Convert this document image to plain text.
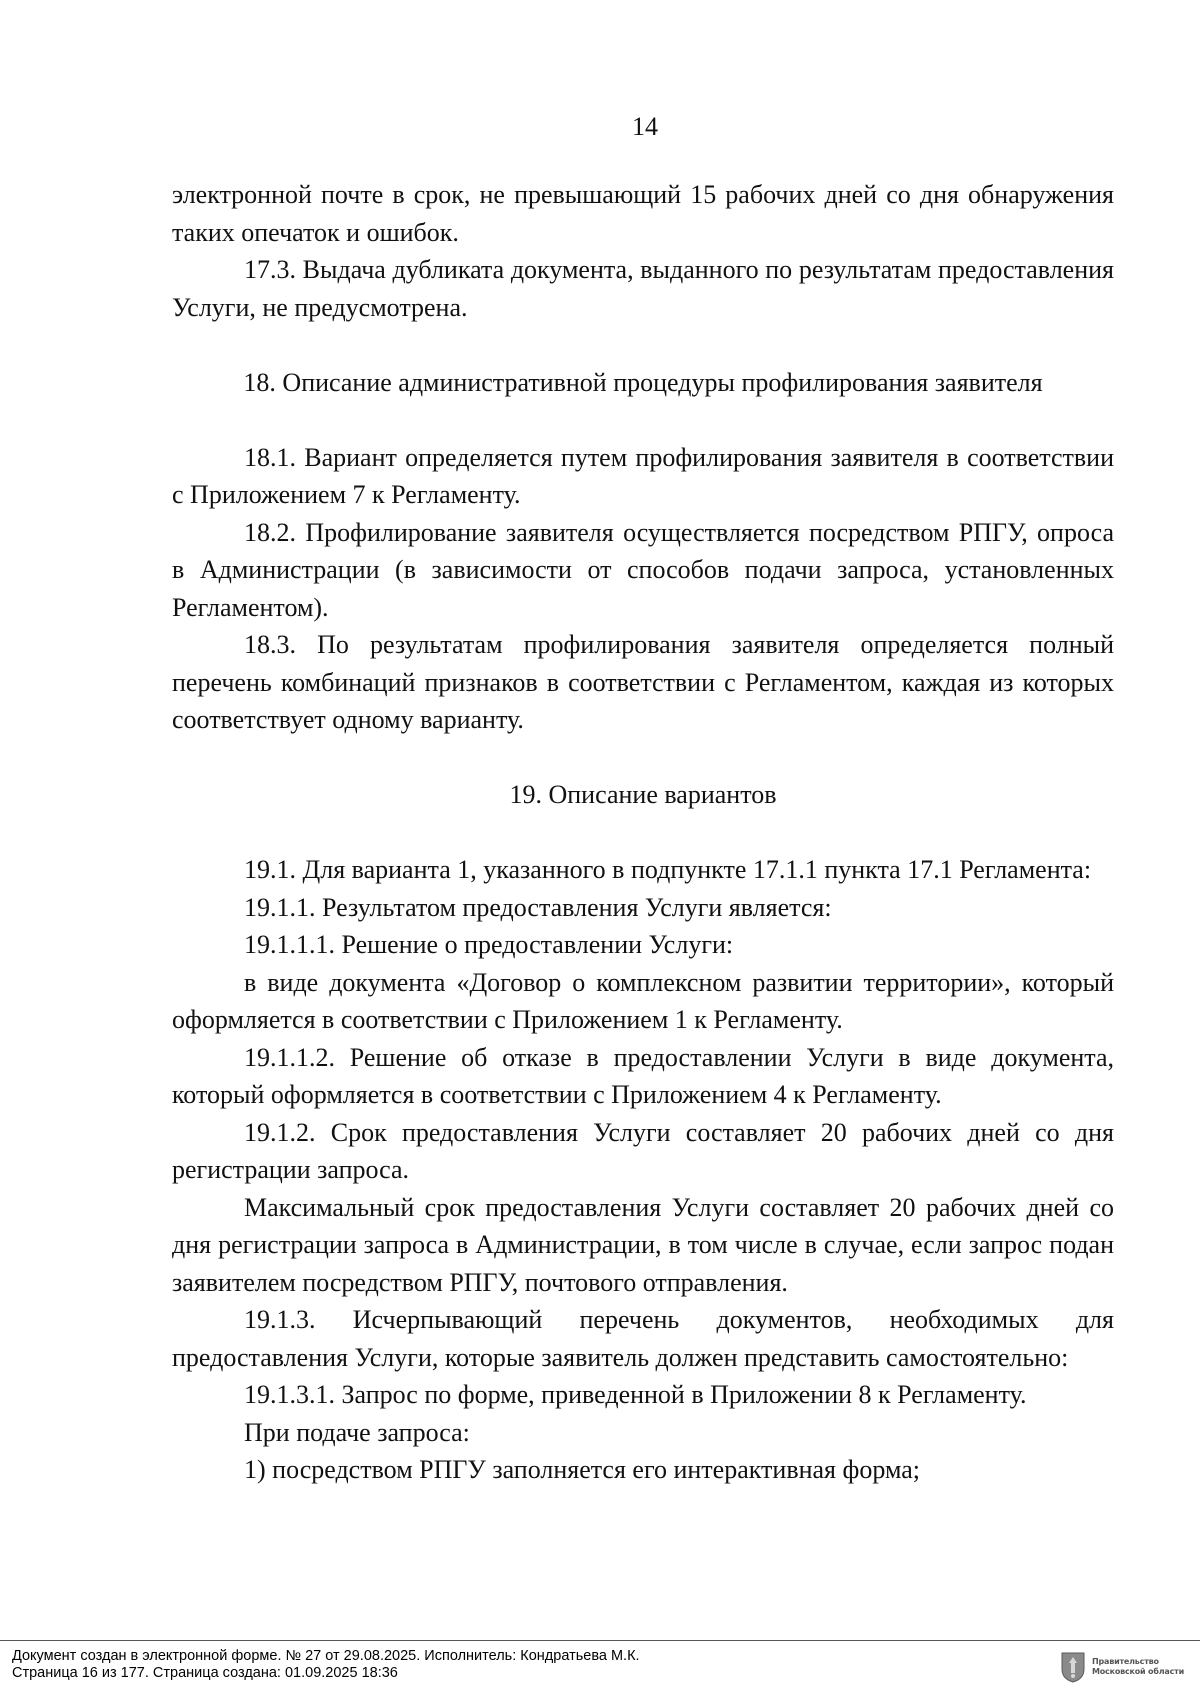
14

электронной почте в срок, не превышающий 15 рабочих дней со дня обнаружения таких опечаток и ошибок.

17.3. Выдача дубликата документа, выданного по результатам предоставления Услуги, не предусмотрена.

18. Описание административной процедуры профилирования заявителя

18.1. Вариант определяется путем профилирования заявителя в соответствии с Приложением 7 к Регламенту.

18.2. Профилирование заявителя осуществляется посредством РПГУ, опроса в Администрации (в зависимости от способов подачи запроса, установленных Регламентом).

18.3. По результатам профилирования заявителя определяется полный перечень комбинаций признаков в соответствии с Регламентом, каждая из которых соответствует одному варианту.

19. Описание вариантов

19.1. Для варианта 1, указанного в подпункте 17.1.1 пункта 17.1 Регламента:

19.1.1. Результатом предоставления Услуги является:

19.1.1.1. Решение о предоставлении Услуги:

в виде документа «Договор о комплексном развитии территории», который оформляется в соответствии с Приложением 1 к Регламенту.

19.1.1.2. Решение об отказе в предоставлении Услуги в виде документа, который оформляется в соответствии с Приложением 4 к Регламенту.

19.1.2. Срок предоставления Услуги составляет 20 рабочих дней со дня регистрации запроса.

Максимальный срок предоставления Услуги составляет 20 рабочих дней со дня регистрации запроса в Администрации, в том числе в случае, если запрос подан заявителем посредством РПГУ, почтового отправления.

19.1.3. Исчерпывающий перечень документов, необходимых для предоставления Услуги, которые заявитель должен представить самостоятельно:

19.1.3.1. Запрос по форме, приведенной в Приложении 8 к Регламенту.

При подаче запроса:

1) посредством РПГУ заполняется его интерактивная форма;

Документ создан в электронной форме. № 27 от 29.08.2025. Исполнитель: Кондратьева М.К.
Страница 16 из 177. Страница создана: 01.09.2025 18:36
Правительство
Московской области
